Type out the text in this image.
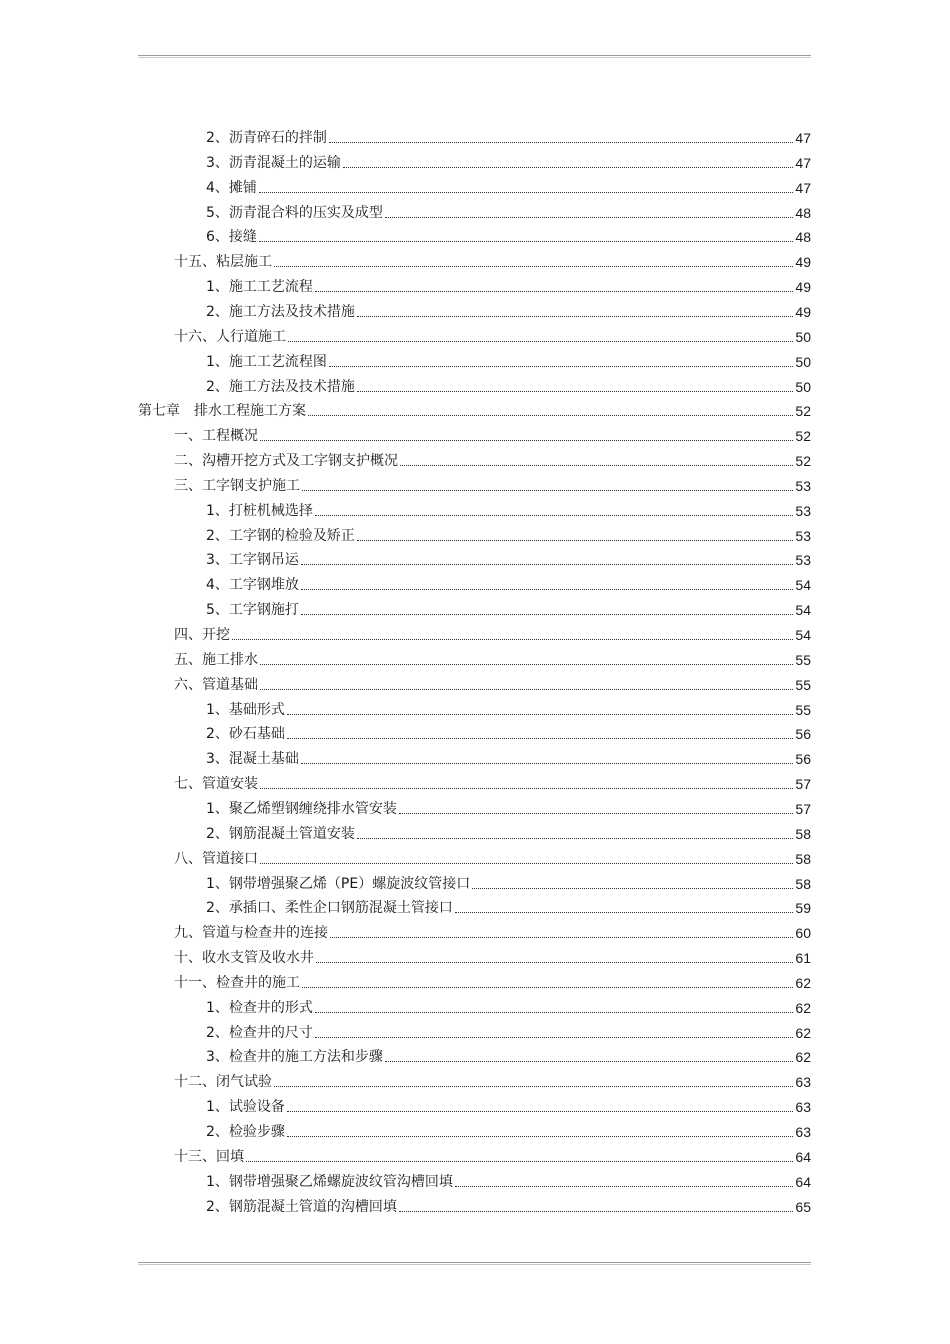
2、沥青碎石的拌制	47
3、沥青混凝土的运输	47
4、摊铺	47
5、沥青混合料的压实及成型	48
6、接缝	48
十五、粘层施工	49
1、施工工艺流程	49
2、施工方法及技术措施	49
十六、人行道施工	50
1、施工工艺流程图	50
2、施工方法及技术措施	50
第七章　排水工程施工方案	52
一、工程概况	52
二、沟槽开挖方式及工字钢支护概况	52
三、工字钢支护施工	53
1、打桩机械选择	53
2、工字钢的检验及矫正	53
3、工字钢吊运	53
4、工字钢堆放	54
5、工字钢施打	54
四、开挖	54
五、施工排水	55
六、管道基础	55
1、基础形式	55
2、砂石基础	56
3、混凝土基础	56
七、管道安装	57
1、聚乙烯塑钢缠绕排水管安装	57
2、钢筋混凝土管道安装	58
八、管道接口	58
1、钢带增强聚乙烯（PE）螺旋波纹管接口	58
2、承插口、柔性企口钢筋混凝土管接口	59
九、管道与检查井的连接	60
十、收水支管及收水井	61
十一、检查井的施工	62
1、检查井的形式	62
2、检查井的尺寸	62
3、检查井的施工方法和步骤	62
十二、闭气试验	63
1、试验设备	63
2、检验步骤	63
十三、回填	64
1、钢带增强聚乙烯螺旋波纹管沟槽回填	64
2、钢筋混凝土管道的沟槽回填	65
